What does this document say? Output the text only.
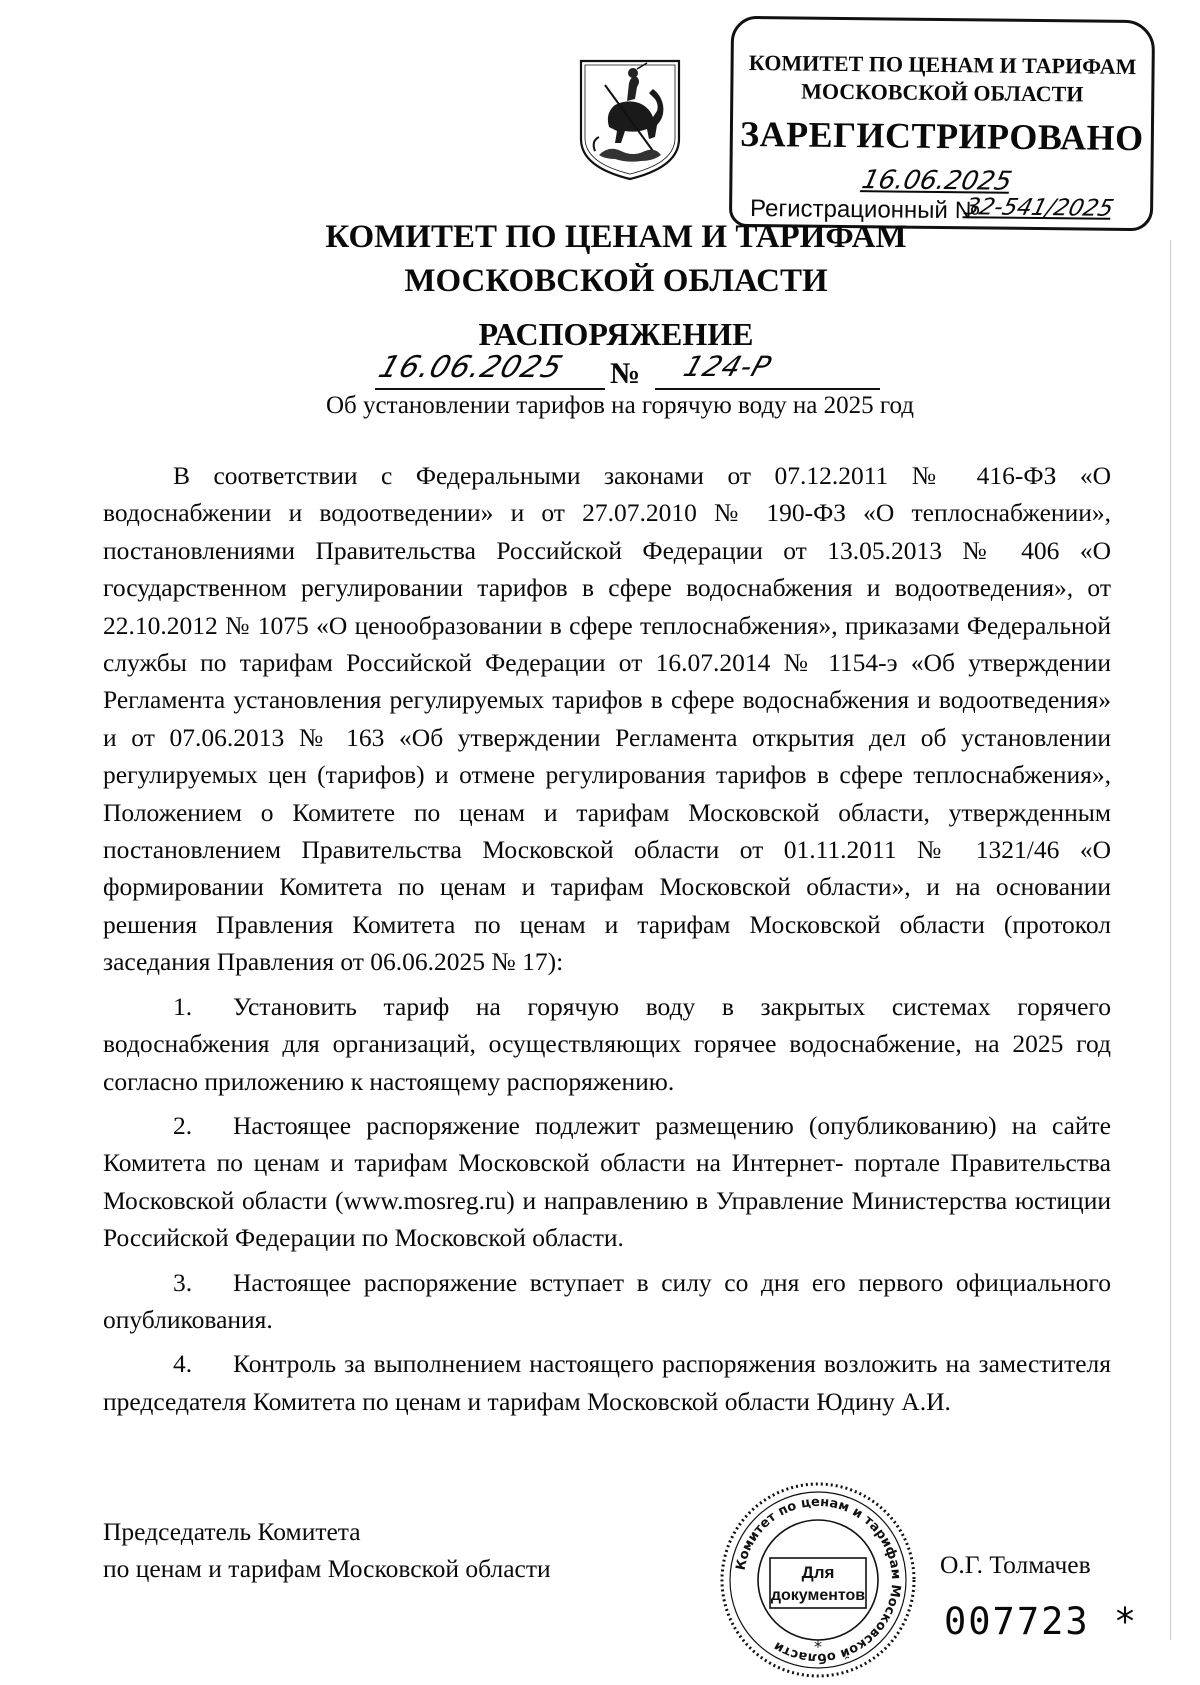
КОМИТЕТ ПО ЦЕНАМ И ТАРИФАМ
МОСКОВСКОЙ ОБЛАСТИ
ЗАРЕГИСТРИРОВАНО
16.06.2025
Регистрационный №
32-541/2025
КОМИТЕТ ПО ЦЕНАМ И ТАРИФАМ
МОСКОВСКОЙ ОБЛАСТИ
РАСПОРЯЖЕНИЕ
16.06.2025 № 124-Р
Об установлении тарифов на горячую воду на 2025 год

В соответствии с Федеральными законами от 07.12.2011 № 416-ФЗ «О водоснабжении и водоотведении» и от 27.07.2010 № 190-ФЗ «О теплоснабжении», постановлениями Правительства Российской Федерации от 13.05.2013 № 406 «О государственном регулировании тарифов в сфере водоснабжения и водоотведения», от 22.10.2012 № 1075 «О ценообразовании в сфере теплоснабжения», приказами Федеральной службы по тарифам Российской Федерации от 16.07.2014 № 1154-э «Об утверждении Регламента установления регулируемых тарифов в сфере водоснабжения и водоотведения» и от 07.06.2013 № 163 «Об утверждении Регламента открытия дел об установлении регулируемых цен (тарифов) и отмене регулирования тарифов в сфере теплоснабжения», Положением о Комитете по ценам и тарифам Московской области, утвержденным постановлением Правительства Московской области от 01.11.2011 № 1321/46 «О формировании Комитета по ценам и тарифам Московской области», и на основании решения Правления Комитета по ценам и тарифам Московской области (протокол заседания Правления от 06.06.2025 № 17):

1. Установить тариф на горячую воду в закрытых системах горячего водоснабжения для организаций, осуществляющих горячее водоснабжение, на 2025 год согласно приложению к настоящему распоряжению.

2. Настоящее распоряжение подлежит размещению (опубликованию) на сайте Комитета по ценам и тарифам Московской области на Интернет- портале Правительства Московской области (www.mosreg.ru) и направлению в Управление Министерства юстиции Российской Федерации по Московской области.

3. Настоящее распоряжение вступает в силу со дня его первого официального опубликования.

4. Контроль за выполнением настоящего распоряжения возложить на заместителя председателя Комитета по ценам и тарифам Московской области Юдину А.И.

Председатель Комитета
по ценам и тарифам Московской области	Комитет по ценам и тарифам Московской области
Для
документов
*
О.Г. Толмачев
007723 *
